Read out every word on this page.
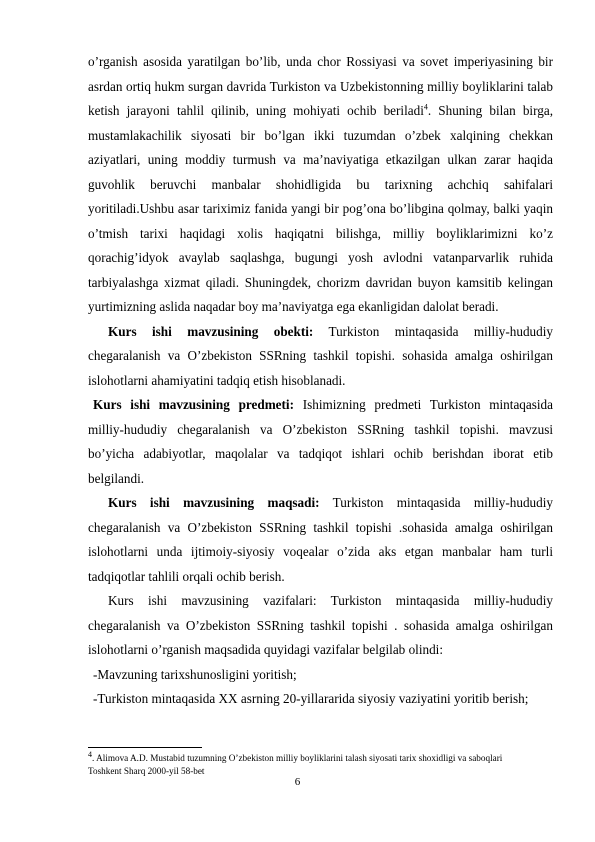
o’rganish asosida yaratilgan bo’lib, unda chor Rossiyasi va sovet imperiyasining bir asrdan ortiq hukm surgan davrida Turkiston va Uzbekistonning milliy boyliklarini talab ketish jarayoni tahlil qilinib, uning mohiyati ochib beriladi$^4$. Shuning bilan birga, mustamlakachilik siyosati bir bo’lgan ikki tuzumdan o’zbek xalqining chekkan aziyatlari, uning moddiy turmush va ma’naviyatiga etkazilgan ulkan zarar haqida guvohlik beruvchi manbalar shohidligida bu tarixning achchiq sahifalari yoritiladi.Ushbu asar tariximiz fanida yangi bir pog’ona bo’libgina qolmay, balki yaqin o’tmish tarixi haqidagi xolis haqiqatni bilishga, milliy boyliklarimizni ko’z qorachig’idyok avaylab saqlashga, bugungi yosh avlodni vatanparvarlik ruhida tarbiyalashga xizmat qiladi. Shuningdek, chorizm davridan buyon kamsitib kelingan yurtimizning aslida naqadar boy ma’naviyatga ega ekanligidan dalolat beradi.

Kurs ishi mavzusining obekti: Turkiston mintaqasida milliy-hududiy chegaralanish va O’zbekiston SSRning tashkil topishi. sohasida amalga oshirilgan islohotlarni ahamiyatini tadqiq etish hisoblanadi.

Kurs ishi mavzusining predmeti: Ishimizning predmeti Turkiston mintaqasida milliy-hududiy chegaralanish va O’zbekiston SSRning tashkil topishi. mavzusi bo’yicha adabiyotlar, maqolalar va tadqiqot ishlari ochib berishdan iborat etib belgilandi.

Kurs ishi mavzusining maqsadi: Turkiston mintaqasida milliy-hududiy chegaralanish va O’zbekiston SSRning tashkil topishi .sohasida amalga oshirilgan islohotlarni unda ijtimoiy-siyosiy voqealar o’zida aks etgan manbalar ham turli tadqiqotlar tahlili orqali ochib berish.

Kurs ishi mavzusining vazifalari: Turkiston mintaqasida milliy-hududiy chegaralanish va O’zbekiston SSRning tashkil topishi . sohasida amalga oshirilgan islohotlarni o’rganish maqsadida quyidagi vazifalar belgilab olindi:

-Mavzuning tarixshunosligini yoritish;

-Turkiston mintaqasida XX asrning 20-yillararida siyosiy vaziyatini yoritib berish;

$^4$. Alimova A.D. Mustabid tuzumning O’zbekiston milliy boyliklarini talash siyosati tarix shoxidligi va saboqlari
Toshkent Sharq 2000-yil 58-bet
6
